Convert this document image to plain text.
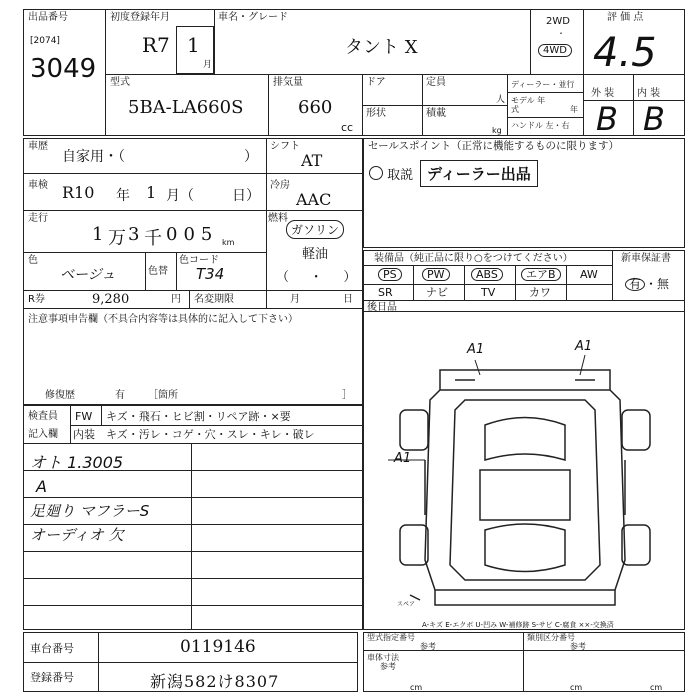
出品番号
[2074]
3049
初度登録年月
R7 1
月
車名・グレード
タント X
2WD
・
4WD
評 価 点
4.5
外 装 内 装
B B
型式
5BA-LA660S
排気量
660
cc
ドア	定員
人
形状	積載
kg
ディーラー・並行
モデル 年式	年
ハンドル 左・右
車歴
自家用・（	）
シフト
AT
車検 R10 年 1 月（	日）
冷房
AAC
走行
1 万 3 千 005 km
燃料
ガソリン
軽油
色
ベージュ	色替
色コード
T34	（     ・     ）
R券	9,280	円 名変期限	月	日
注意事項申告欄（不具合内容等は具体的に記入して下さい）
修復歴	有 ［箇所	］
セールスポイント（正常に機能するものに限ります）
取説 ディーラー出品
装備品（純正品に限り○をつけてください）	新車保証書
有 ・無
PS	PW	ABS	エアB	AW
SR	ナビ	TV	カワ
後日品
検査員
記入欄
FW キズ・飛石・ヒビ割・リペア跡・×要
内装 キズ・汚レ・コゲ・穴・スレ・キレ・破レ
オト 1.3005
A
足廻り マフラーS
オーディオ 欠
A1	A1
A1
スペア
A-キズ E-エクボ U-凹み W-補修跡 S-サビ C-腐食 ××-交換済
車台番号	0119146
登録番号	新潟582け8307
型式指定番号
参考
類別区分番号
参考
車体寸法
参考
cm	cm	cm
